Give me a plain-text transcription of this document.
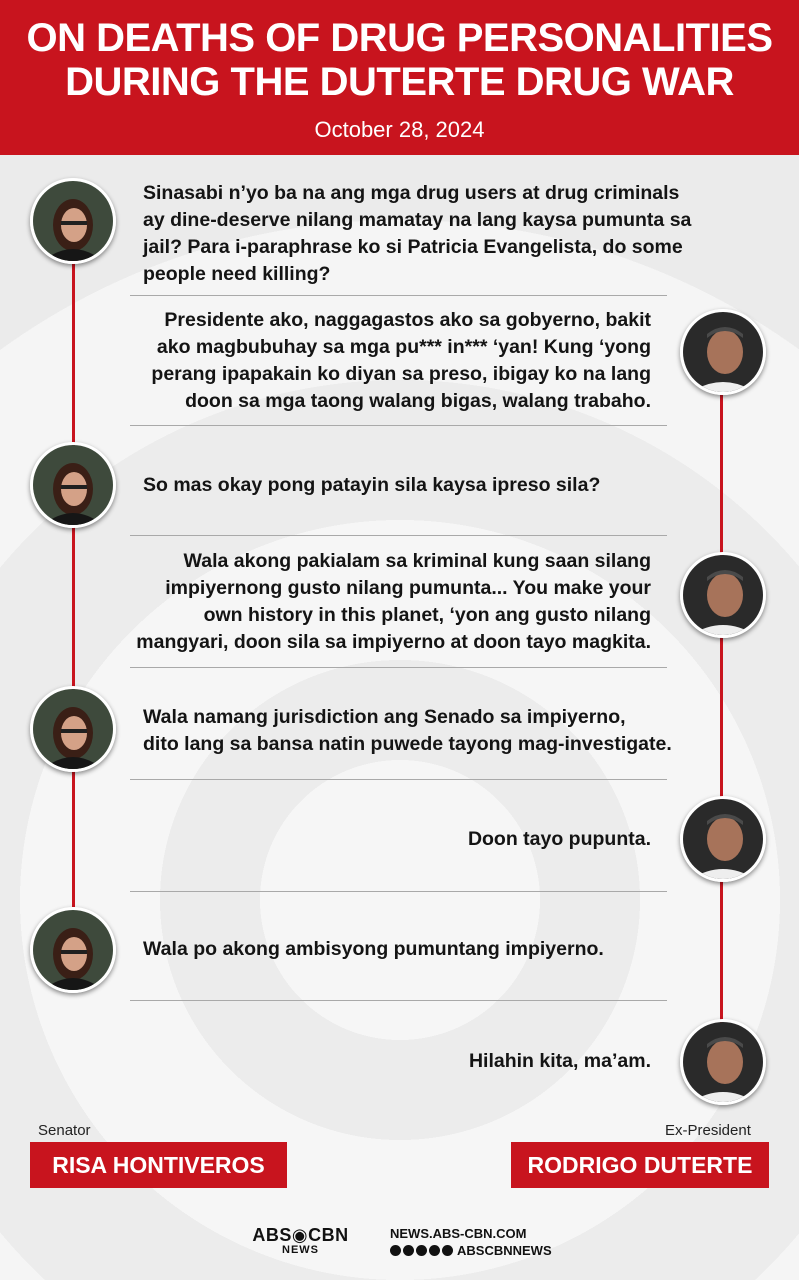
ON DEATHS OF DRUG PERSONALITIES
DURING THE DUTERTE DRUG WAR
October 28, 2024
Sinasabi n’yo ba na ang mga drug users at drug criminals
ay dine-deserve nilang mamatay na lang kaysa pumunta sa
jail? Para i-paraphrase ko si Patricia Evangelista, do some
people need killing?
Presidente ako, naggagastos ako sa gobyerno, bakit
ako magbubuhay sa mga pu*** in*** ‘yan! Kung ‘yong
perang ipapakain ko diyan sa preso, ibigay ko na lang
doon sa mga taong walang bigas, walang trabaho.
So mas okay pong patayin sila kaysa ipreso sila?
Wala akong pakialam sa kriminal kung saan silang
impiyernong gusto nilang pumunta... You make your
own history in this planet, ‘yon ang gusto nilang
mangyari, doon sila sa impiyerno at doon tayo magkita.
Wala namang jurisdiction ang Senado sa impiyerno,
dito lang sa bansa natin puwede tayong mag-investigate.
Doon tayo pupunta.
Wala po akong ambisyong pumuntang impiyerno.
Hilahin kita, ma’am.
Senator
RISA HONTIVEROS
Ex-President
RODRIGO DUTERTE
ABS◉CBN
NEWS
NEWS.ABS-CBN.COM
ABSCBNNEWS
